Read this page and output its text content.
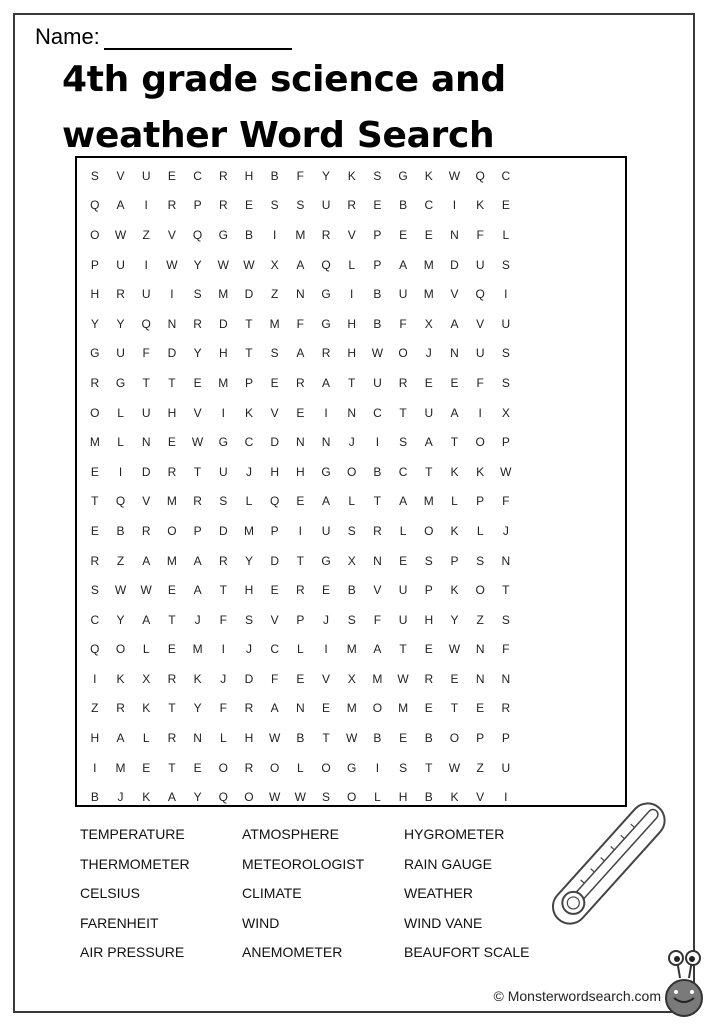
Name:
4th grade science and
weather Word Search
S	V	U	E	C	R	H	B	F	Y	K	S	G	K	W	Q	C
Q	A	I	R	P	R	E	S	S	U	R	E	B	C	I	K	E
O	W	Z	V	Q	G	B	I	M	R	V	P	E	E	N	F	L
P	U	I	W	Y	W	W	X	A	Q	L	P	A	M	D	U	S
H	R	U	I	S	M	D	Z	N	G	I	B	U	M	V	Q	I
Y	Y	Q	N	R	D	T	M	F	G	H	B	F	X	A	V	U
G	U	F	D	Y	H	T	S	A	R	H	W	O	J	N	U	S
R	G	T	T	E	M	P	E	R	A	T	U	R	E	E	F	S
O	L	U	H	V	I	K	V	E	I	N	C	T	U	A	I	X
M	L	N	E	W	G	C	D	N	N	J	I	S	A	T	O	P
E	I	D	R	T	U	J	H	H	G	O	B	C	T	K	K	W
T	Q	V	M	R	S	L	Q	E	A	L	T	A	M	L	P	F
E	B	R	O	P	D	M	P	I	U	S	R	L	O	K	L	J
R	Z	A	M	A	R	Y	D	T	G	X	N	E	S	P	S	N
S	W	W	E	A	T	H	E	R	E	B	V	U	P	K	O	T
C	Y	A	T	J	F	S	V	P	J	S	F	U	H	Y	Z	S
Q	O	L	E	M	I	J	C	L	I	M	A	T	E	W	N	F
I	K	X	R	K	J	D	F	E	V	X	M	W	R	E	N	N
Z	R	K	T	Y	F	R	A	N	E	M	O	M	E	T	E	R
H	A	L	R	N	L	H	W	B	T	W	B	E	B	O	P	P
I	M	E	T	E	O	R	O	L	O	G	I	S	T	W	Z	U
B	J	K	A	Y	Q	O	W	W	S	O	L	H	B	K	V	I
TEMPERATURE
THERMOMETER
CELSIUS
FARENHEIT
AIR PRESSURE
ATMOSPHERE
METEOROLOGIST
CLIMATE
WIND
ANEMOMETER
HYGROMETER
RAIN GAUGE
WEATHER
WIND VANE
BEAUFORT SCALE
© Monsterwordsearch.com
